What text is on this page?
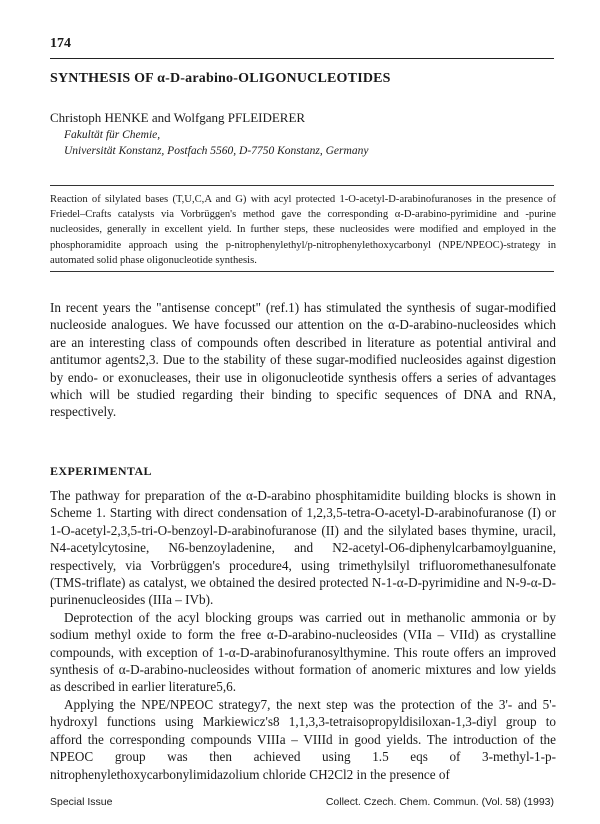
174
SYNTHESIS OF α-D-arabino-OLIGONUCLEOTIDES
Christoph HENKE and Wolfgang PFLEIDERER
Fakultät für Chemie,
Universität Konstanz, Postfach 5560, D-7750 Konstanz, Germany
Reaction of silylated bases (T,U,C,A and G) with acyl protected 1-O-acetyl-D-arabinofuranoses in the presence of Friedel–Crafts catalysts via Vorbrüggen's method gave the corresponding α-D-arabino-pyrimidine and -purine nucleosides, generally in excellent yield. In further steps, these nucleosides were modified and employed in the phosphoramidite approach using the p-nitrophenylethyl/p-nitrophenylethoxycarbonyl (NPE/NPEOC)-strategy in automated solid phase oligonucleotide synthesis.

In recent years the "antisense concept" (ref.1) has stimulated the synthesis of sugar-modified nucleoside analogues. We have focussed our attention on the α-D-arabino-nucleosides which are an interesting class of compounds often described in literature as potential antiviral and antitumor agents2,3. Due to the stability of these sugar-modified nucleosides against digestion by endo- or exonucleases, their use in oligonucleotide synthesis offers a series of advantages which will be studied regarding their binding to specific sequences of DNA and RNA, respectively.

EXPERIMENTAL

The pathway for preparation of the α-D-arabino phosphitamidite building blocks is shown in Scheme 1. Starting with direct condensation of 1,2,3,5-tetra-O-acetyl-D-arabinofuranose (I) or 1-O-acetyl-2,3,5-tri-O-benzoyl-D-arabinofuranose (II) and the silylated bases thymine, uracil, N4-acetylcytosine, N6-benzoyladenine, and N2-acetyl-O6-diphenylcarbamoylguanine, respectively, via Vorbrüggen's procedure4, using trimethylsilyl trifluoromethanesulfonate (TMS-triflate) as catalyst, we obtained the desired protected N-1-α-D-pyrimidine and N-9-α-D-purinenucleosides (IIIa – IVb).

Deprotection of the acyl blocking groups was carried out in methanolic ammonia or by sodium methyl oxide to form the free α-D-arabino-nucleosides (VIIa – VIId) as crystalline compounds, with exception of 1-α-D-arabinofuranosylthymine. This route offers an improved synthesis of α-D-arabino-nucleosides without formation of anomeric mixtures and low yields as described in earlier literature5,6.

Applying the NPE/NPEOC strategy7, the next step was the protection of the 3'- and 5'-hydroxyl functions using Markiewicz's8 1,1,3,3-tetraisopropyldisiloxan-1,3-diyl group to afford the corresponding compounds VIIIa – VIIId in good yields. The introduction of the NPEOC group was then achieved using 1.5 eqs of 3-methyl-1-p-nitrophenylethoxycarbonylimidazolium chloride CH2Cl2 in the presence of

Special Issue	Collect. Czech. Chem. Commun. (Vol. 58) (1993)
